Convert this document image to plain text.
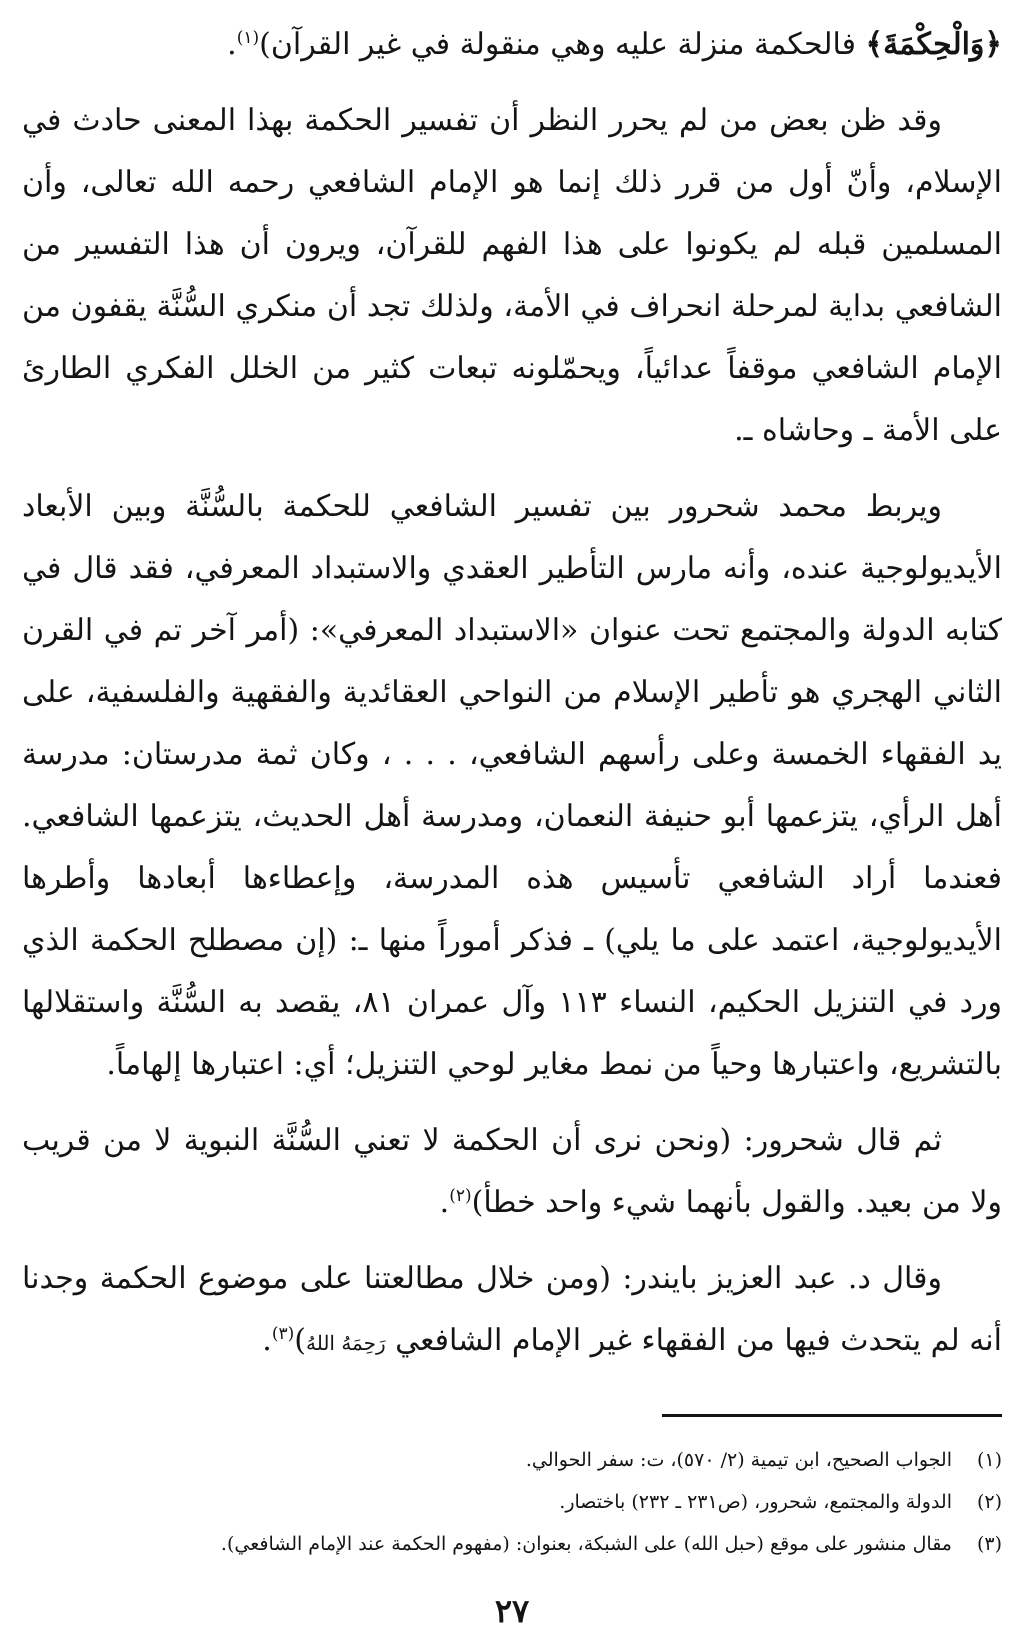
﴿وَالْحِكْمَةَ﴾ فالحكمة منزلة عليه وهي منقولة في غير القرآن)$^{(١)}$.

وقد ظن بعض من لم يحرر النظر أن تفسير الحكمة بهذا المعنى حادث في الإسلام، وأنّ أول من قرر ذلك إنما هو الإمام الشافعي رحمه الله تعالى، وأن المسلمين قبله لم يكونوا على هذا الفهم للقرآن، ويرون أن هذا التفسير من الشافعي بداية لمرحلة انحراف في الأمة، ولذلك تجد أن منكري السُّنَّة يقفون من الإمام الشافعي موقفاً عدائياً، ويحمّلونه تبعات كثير من الخلل الفكري الطارئ على الأمة ـ وحاشاه ـ.

ويربط محمد شحرور بين تفسير الشافعي للحكمة بالسُّنَّة وبين الأبعاد الأيديولوجية عنده، وأنه مارس التأطير العقدي والاستبداد المعرفي، فقد قال في كتابه الدولة والمجتمع تحت عنوان «الاستبداد المعرفي»: (أمر آخر تم في القرن الثاني الهجري هو تأطير الإسلام من النواحي العقائدية والفقهية والفلسفية، على يد الفقهاء الخمسة وعلى رأسهم الشافعي، . . . ، وكان ثمة مدرستان: مدرسة أهل الرأي، يتزعمها أبو حنيفة النعمان، ومدرسة أهل الحديث، يتزعمها الشافعي. فعندما أراد الشافعي تأسيس هذه المدرسة، وإعطاءها أبعادها وأطرها الأيديولوجية، اعتمد على ما يلي) ـ فذكر أموراً منها ـ: (إن مصطلح الحكمة الذي ورد في التنزيل الحكيم، النساء ١١٣ وآل عمران ٨١، يقصد به السُّنَّة واستقلالها بالتشريع، واعتبارها وحياً من نمط مغاير لوحي التنزيل؛ أي: اعتبارها إلهاماً.

ثم قال شحرور: (ونحن نرى أن الحكمة لا تعني السُّنَّة النبوية لا من قريب ولا من بعيد. والقول بأنهما شيء واحد خطأ)$^{(٢)}$.

وقال د. عبد العزيز بايندر: (ومن خلال مطالعتنا على موضوع الحكمة وجدنا أنه لم يتحدث فيها من الفقهاء غير الإمام الشافعي رَحِمَهُ اللهُ)$^{(٣)}$.

(١)
الجواب الصحيح، ابن تيمية (٢/ ٥٧٠)، ت: سفر الحوالي.

(٢)
الدولة والمجتمع، شحرور، (ص٢٣١ ـ ٢٣٢) باختصار.

(٣)
مقال منشور على موقع (حبل الله) على الشبكة، بعنوان: (مفهوم الحكمة عند الإمام الشافعي).

٢٧
